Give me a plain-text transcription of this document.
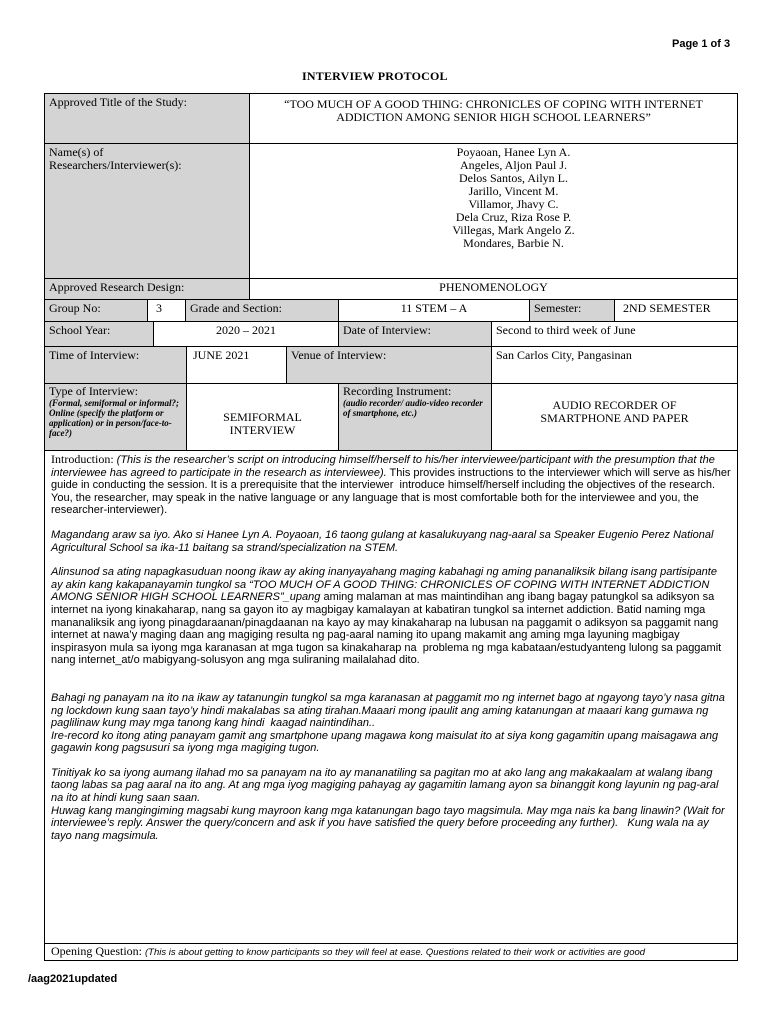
Page 1 of 3
INTERVIEW PROTOCOL
Approved Title of the Study:	“TOO MUCH OF A GOOD THING: CHRONICLES OF COPING WITH INTERNET ADDICTION AMONG SENIOR HIGH SCHOOL LEARNERS”
Name(s) of Researchers/Interviewer(s):
Poyaoan, Hanee Lyn A.
Angeles, Aljon Paul J.
Delos Santos, Ailyn L.
Jarillo, Vincent M.
Villamor, Jhavy C.
Dela Cruz, Riza Rose P.
Villegas, Mark Angelo Z.
Mondares, Barbie N.
Approved Research Design:	PHENOMENOLOGY
Group No:	3	Grade and Section:	11 STEM – A	Semester:	2ND SEMESTER
School Year:	2020 – 2021	Date of Interview:	Second to third week of June
Time of Interview:	JUNE 2021	Venue of Interview:	San Carlos City, Pangasinan
Type of Interview:
(Formal, semiformal or informal?; Online (specify the platform or application) or in person/face-to-face?)
SEMIFORMAL INTERVIEW
Recording Instrument:
(audio recorder/ audio-video recorder of smartphone, etc.)
AUDIO RECORDER OF SMARTPHONE AND PAPER

Introduction: (This is the researcher’s script on introducing himself/herself to his/her interviewee/participant with the presumption that the interviewee has agreed to participate in the research as interviewee). This provides instructions to the interviewer which will serve as his/her guide in conducting the session. It is a prerequisite that the interviewer  introduce himself/herself including the objectives of the research. You, the researcher, may speak in the native language or any language that is most comfortable both for the interviewee and you, the researcher-interviewer).

Magandang araw sa iyo. Ako si Hanee Lyn A. Poyaoan, 16 taong gulang at kasalukuyang nag-aaral sa Speaker Eugenio Perez National Agricultural School sa ika-11 baitang sa strand/specialization na STEM.

Alinsunod sa ating napagkasuduan noong ikaw ay aking inanyayahang maging kabahagi ng aming pananaliksik bilang isang partisipante ay akin kang kakapanayamin tungkol sa “TOO MUCH OF A GOOD THING: CHRONICLES OF COPING WITH INTERNET ADDICTION AMONG SENIOR HIGH SCHOOL LEARNERS”_upang aming malaman at mas maintindihan ang ibang bagay patungkol sa adiksyon sa internet na iyong kinakaharap, nang sa gayon ito ay magbigay kamalayan at kabatiran tungkol sa internet addiction. Batid naming mga mananaliksik ang iyong pinagdaraanan/pinagdaanan na kayo ay may kinakaharap na lubusan na paggamit o adiksyon sa paggamit nang internet at nawa’y maging daan ang magiging resulta ng pag-aaral naming ito upang makamit ang aming mga layuning magbigay inspirasyon mula sa iyong mga karanasan at mga tugon sa kinakaharap na  problema ng mga kabataan/estudyanteng lulong sa paggamit nang internet_at/o mabigyang-solusyon ang mga suliraning mailalahad dito.

Bahagi ng panayam na ito na ikaw ay tatanungin tungkol sa mga karanasan at paggamit mo ng internet bago at ngayong tayo’y nasa gitna ng lockdown kung saan tayo’y hindi makalabas sa ating tirahan.Maaari mong ipaulit ang aming katanungan at maaari kang gumawa ng paglilinaw kung may mga tanong kang hindi  kaagad naintindihan..
Ire-record ko itong ating panayam gamit ang smartphone upang magawa kong maisulat ito at siya kong gagamitin upang maisagawa ang gagawin kong pagsusuri sa iyong mga magiging tugon.

Tinitiyak ko sa iyong aumang ilahad mo sa panayam na ito ay mananatiling sa pagitan mo at ako lang ang makakaalam at walang ibang taong labas sa pag aaral na ito ang. At ang mga iyog magiging pahayag ay gagamitin lamang ayon sa binanggit kong layunin ng pag-aral na ito at hindi kung saan saan.
Huwag kang mangingiming magsabi kung mayroon kang mga katanungan bago tayo magsimula. May mga nais ka bang linawin? (Wait for interviewee’s reply. Answer the query/concern and ask if you have satisfied the query before proceeding any further).   Kung wala na ay tayo nang magsimula.

Opening Question: (This is about getting to know participants so they will feel at ease. Questions related to their work or activities are good
/aag2021updated
